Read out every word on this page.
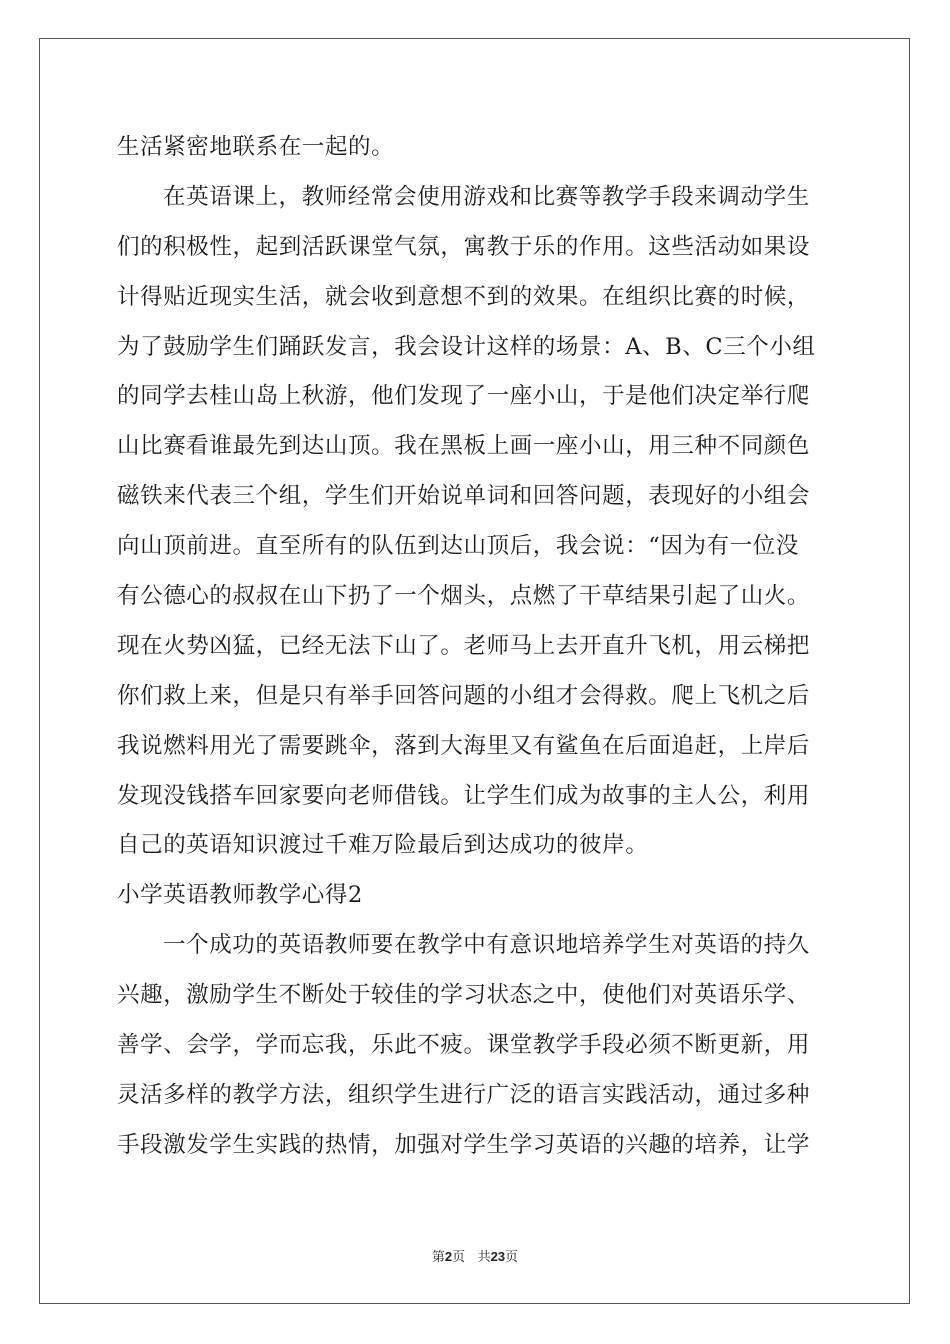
生活紧密地联系在一起的。
在英语课上，教师经常会使用游戏和比赛等教学手段来调动学生
们的积极性，起到活跃课堂气氛，寓教于乐的作用。这些活动如果设
计得贴近现实生活，就会收到意想不到的效果。在组织比赛的时候，
为了鼓励学生们踊跃发言，我会设计这样的场景：A、B、C三个小组
的同学去桂山岛上秋游，他们发现了一座小山，于是他们决定举行爬
山比赛看谁最先到达山顶。我在黑板上画一座小山，用三种不同颜色
磁铁来代表三个组，学生们开始说单词和回答问题，表现好的小组会
向山顶前进。直至所有的队伍到达山顶后，我会说：“因为有一位没
有公德心的叔叔在山下扔了一个烟头，点燃了干草结果引起了山火。
现在火势凶猛，已经无法下山了。老师马上去开直升飞机，用云梯把
你们救上来，但是只有举手回答问题的小组才会得救。爬上飞机之后
我说燃料用光了需要跳伞，落到大海里又有鲨鱼在后面追赶，上岸后
发现没钱搭车回家要向老师借钱。让学生们成为故事的主人公，利用
自己的英语知识渡过千难万险最后到达成功的彼岸。
小学英语教师教学心得2
一个成功的英语教师要在教学中有意识地培养学生对英语的持久
兴趣，激励学生不断处于较佳的学习状态之中，使他们对英语乐学、
善学、会学，学而忘我，乐此不疲。课堂教学手段必须不断更新，用
灵活多样的教学方法，组织学生进行广泛的语言实践活动，通过多种
手段激发学生实践的热情，加强对学生学习英语的兴趣的培养，让学
第2页 共23页
